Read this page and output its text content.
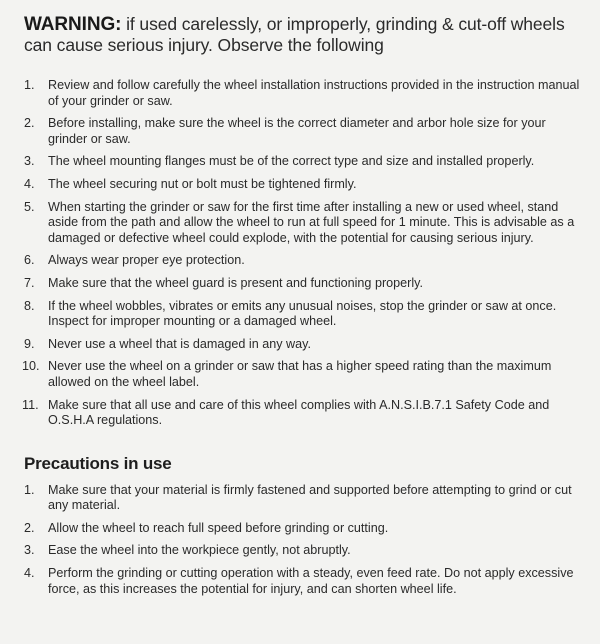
WARNING: if used carelessly, or improperly, grinding & cut-off wheels can cause serious injury. Observe the following

1.	Review and follow carefully the wheel installation instructions provided in the instruction manual of your grinder or saw.
2.	Before installing, make sure the wheel is the correct diameter and arbor hole size for your grinder or saw.
3.	The wheel mounting flanges must be of the correct type and size and installed properly.
4.	The wheel securing nut or bolt must be tightened firmly.
5.	When starting the grinder or saw for the first time after installing a new or used wheel, stand aside from the path and allow the wheel to run at full speed for 1 minute. This is advisable as a damaged or defective wheel could explode, with the potential for causing serious injury.
6.	Always wear proper eye protection.
7.	Make sure that the wheel guard is present and functioning properly.
8.	If the wheel wobbles, vibrates or emits any unusual noises, stop the grinder or saw at once. Inspect for improper mounting or a damaged wheel.
9.	Never use a wheel that is damaged in any way.
10. Never use the wheel on a grinder or saw that has a higher speed rating than the maximum allowed on the wheel label.
11. Make sure that all use and care of this wheel complies with A.N.S.I.B.7.1 Safety Code and O.S.H.A regulations.
Precautions in use
1.	Make sure that your material is firmly fastened and supported before attempting to grind or cut any material.
2.	Allow the wheel to reach full speed before grinding or cutting.
3.	Ease the wheel into the workpiece gently, not abruptly.
4.	Perform the grinding or cutting operation with a steady, even feed rate. Do not apply excessive force, as this increases the potential for injury, and can shorten wheel life.
